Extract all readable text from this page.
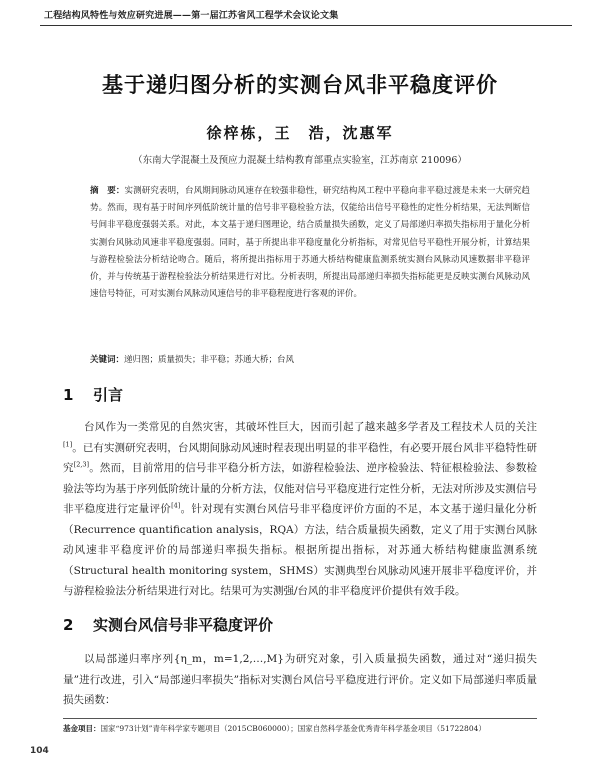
工程结构风特性与效应研究进展——第一届江苏省风工程学术会议论文集
基于递归图分析的实测台风非平稳度评价
徐梓栋，王　浩，沈惠军
（东南大学混凝土及预应力混凝土结构教育部重点实验室，江苏南京 210096）
摘　要：实测研究表明，台风期间脉动风速存在较强非稳性，研究结构风工程中平稳向非平稳过渡是未来一大研究趋势。然而，现有基于时间序列低阶统计量的信号非平稳检验方法，仅能给出信号平稳性的定性分析结果，无法判断信号间非平稳度强弱关系。对此，本文基于递归图理论，结合质量损失函数，定义了局部递归率损失指标用于量化分析实测台风脉动风速非平稳度强弱。同时，基于所提出非平稳度量化分析指标，对常见信号平稳性开展分析，计算结果与游程检验法分析结论吻合。随后，将所提出指标用于苏通大桥结构健康监测系统实测台风脉动风速数据非平稳评价，并与传统基于游程检验法分析结果进行对比。分析表明，所提出局部递归率损失指标能更是反映实测台风脉动风速信号特征，可对实测台风脉动风速信号的非平稳程度进行客观的评价。
关键词：递归图；质量损失；非平稳；苏通大桥；台风
1 引言
台风作为一类常见的自然灾害，其破坏性巨大，因而引起了越来越多学者及工程技术人员的关注[1]。已有实测研究表明，台风期间脉动风速时程表现出明显的非平稳性，有必要开展台风非平稳特性研究[2,3]。然而，目前常用的信号非平稳分析方法，如游程检验法、逆序检验法、特征根检验法、参数检验法等均为基于序列低阶统计量的分析方法，仅能对信号平稳度进行定性分析，无法对所涉及实测信号非平稳度进行定量评价[4]。针对现有实测台风信号非平稳度评价方面的不足，本文基于递归量化分析（Recurrence quantification analysis，RQA）方法，结合质量损失函数，定义了用于实测台风脉动风速非平稳度评价的局部递归率损失指标。根据所提出指标，对苏通大桥结构健康监测系统（Structural health monitoring system，SHMS）实测典型台风脉动风速开展非平稳度评价，并与游程检验法分析结果进行对比。结果可为实测强/台风的非平稳度评价提供有效手段。
2 实测台风信号非平稳度评价
以局部递归率序列{η_m，m=1,2,…,M}为研究对象，引入质量损失函数，通过对“递归损失量”进行改进，引入“局部递归率损失”指标对实测台风信号平稳度进行评价。定义如下局部递归率质量损失函数：
基金项目：国家“973计划”青年科学家专题项目（2015CB060000）；国家自然科学基金优秀青年科学基金项目（51722804）
104
